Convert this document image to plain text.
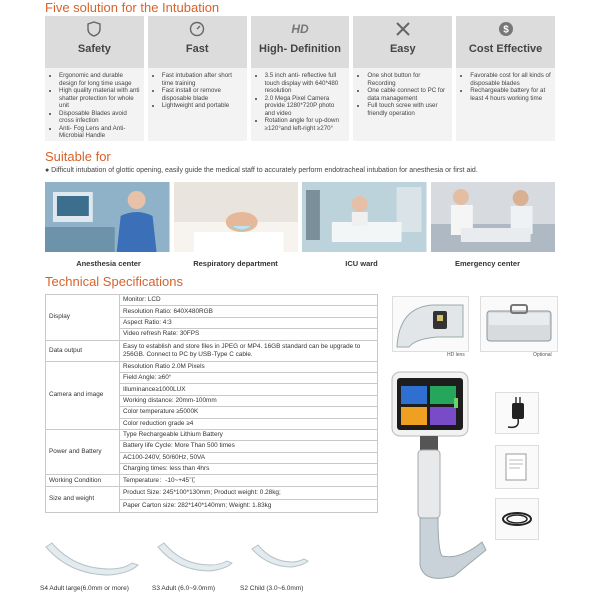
Five solution for the Intubation
Safety
• Ergonomic and durable design for long time usage
• High quality material with anti shatter protection for whole unit
• Disposable Blades avoid cross infection
• Anti- Fog Lens and Anti-Microbial Handle
Fast
• Fast intubation after short time training
• Fast install or remove disposable blade
• Lightweight and portable
HD
High- Definition
• 3.5 inch anti- reflective full touch display with 640*480 resolution
• 2.0 Mega Pixel Camera provide 1280*720P photo and video
• Rotation angle for up-down ≥120°and left-right ≥270°
Easy
• One shot button for Recording
• One cable connect to PC for data management
• Full touch scree with user friendly operation
$
Cost Effective
• Favorable cost for all kinds of disposable blades
• Rechargeable battery for at least 4 hours working time
Suitable for
● Difficult intubation of glottic opening, easily guide the medical staff to accurately perform endotracheal intubation for anesthesia or first aid.
Anesthesia center	Respiratory department	ICU ward	Emergency center
Technical Specifications
Display	Monitor: LCD
	Resolution Ratio: 640X480RGB
	Aspect Ratio: 4:3
	Video refresh Rate: 30FPS
Data output	Easy to establish and store files in JPEG or MP4. 16GB standard can be upgrade to 256GB. Connect to PC by USB-Type C cable.
Camera and image	Resolution Ratio 2.0M Pixels
	Field Angle: ≥60°
	Illuminance≥1000LUX
	Working distance: 20mm-100mm
	Color temperature ≥5000K
	Color reduction grade ≥4
Power and Battery	Type Rechargeable Lithium Battery
	Battery life Cycle: More Than 500 times
	AC100-240V, 50/60Hz, 50VA
	Charging times: less than 4hrs
Working Condition	Temperature：-10~+45℃
Size and weight	Product Size: 245*100*130mm; Product weight: 0.28kg;
	Paper Carton size: 282*140*140mm; Weight: 1.83kg
HD lens	Optional
S4 Adult large(6.0mm or more)	S3 Adult (6.0~9.0mm)	S2 Child (3.0~6.0mm)
